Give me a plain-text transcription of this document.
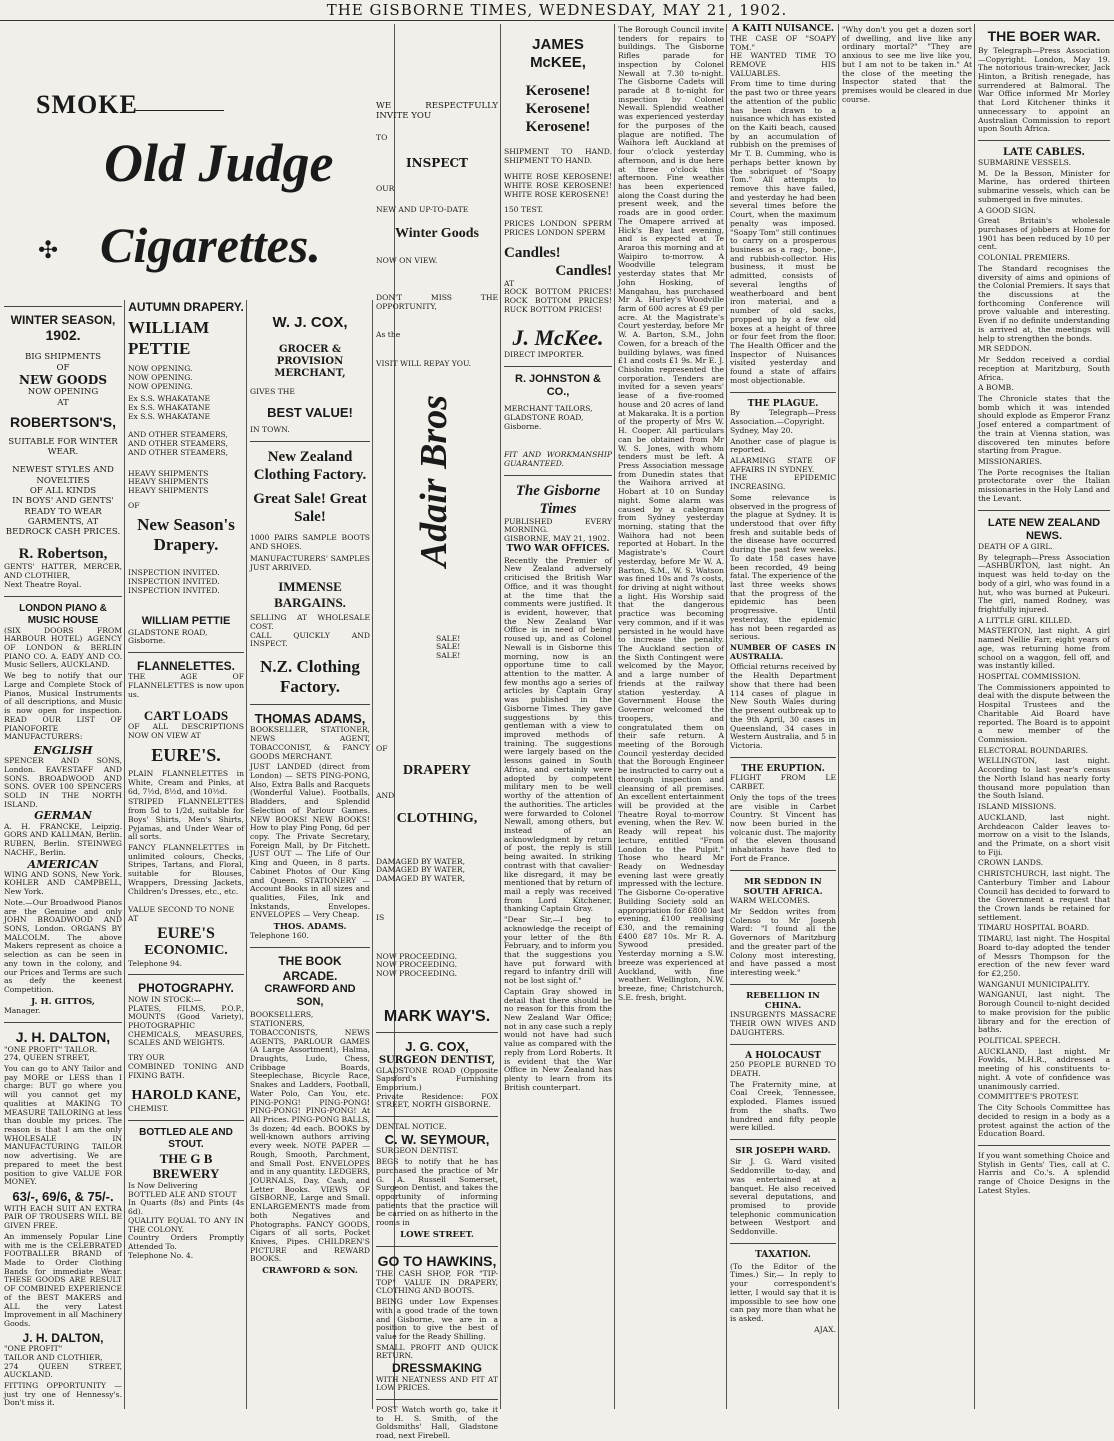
THE GISBORNE TIMES, WEDNESDAY, MAY 21, 1902.
SMOKE
Old Judge
Cigarettes.
✣
WINTER SEASON,
1902.
BIG SHIPMENTS
OF
NEW GOODS
NOW OPENING
AT
ROBERTSON'S,
SUITABLE FOR WINTER WEAR.
NEWEST STYLES AND NOVELTIES
OF ALL KINDS
IN BOYS' AND GENTS'
READY TO WEAR GARMENTS, AT
BEDROCK CASH PRICES.
R. Robertson,
GENTS' HATTER, MERCER, AND CLOTHIER,
Next Theatre Royal.
LONDON PIANO & MUSIC HOUSE
(SIX DOORS FROM HARBOUR HOTEL) AGENCY OF LONDON & BERLIN PIANO CO. A. EADY AND CO. Music Sellers, AUCKLAND.

We beg to notify that our Large and Complete Stock of Pianos, Musical Instruments of all descriptions, and Music is now open for inspection. READ OUR LIST OF PIANOFORTE MANUFACTURERS:

ENGLISH
SPENCER AND SONS, London. EAVESTAFF AND SONS. BROADWOOD AND SONS. OVER 100 SPENCERS SOLD IN THE NORTH ISLAND.
GERMAN
A. H. FRANCKE, Leipzig. GORS AND KALLMAN, Berlin. RUBEN, Berlin. STEINWEG NACHF., Berlin.
AMERICAN
WING AND SONS, New York. KOHLER AND CAMPBELL, New York.

Note.—Our Broadwood Pianos are the Genuine and only JOHN BROADWOOD AND SONS, London. ORGANS BY MALCOLM. The above Makers represent as choice a selection as can be seen in any town in the colony, and our Prices and Terms are such as defy the keenest Competition.

J. H. GITTOS,
Manager.
J. H. DALTON,
"ONE PROFIT" TAILOR.
274, QUEEN STREET,

You can go to ANY Tailor and pay MORE or LESS than I charge: BUT go where you will you cannot get my qualities at MAKING TO MEASURE TAILORING at less than double my prices. The reason is that I am the only WHOLESALE IN MANUFACTURING TAILOR now advertising. We are prepared to meet the best position to give VALUE FOR MONEY.

63/-, 69/6, & 75/-.
WITH EACH SUIT AN EXTRA PAIR OF TROUSERS WILL BE GIVEN FREE.

An immensely Popular Line with me is the CELEBRATED FOOTBALLER BRAND of Made to Order Clothing Bands for immediate Wear. THESE GOODS ARE RESULT OF COMBINED EXPERIENCE of the BEST MAKERS and ALL the very Latest Improvement in all Machinery Goods.

J. H. DALTON,
"ONE PROFIT"
TAILOR AND CLOTHIER,
274 QUEEN STREET, AUCKLAND.

FITTING OPPORTUNITY — just try one of Hennessy's. Don't miss it.

AUTUMN DRAPERY.
WILLIAM PETTIE
NOW OPENING.
NOW OPENING.
NOW OPENING.
Ex S.S. WHAKATANE
Ex S.S. WHAKATANE
Ex S.S. WHAKATANE
AND OTHER STEAMERS,
AND OTHER STEAMERS,
AND OTHER STEAMERS,
HEAVY SHIPMENTS
HEAVY SHIPMENTS
HEAVY SHIPMENTS
OF
New Season's Drapery.
INSPECTION INVITED.
INSPECTION INVITED.
INSPECTION INVITED.
WILLIAM PETTIE
GLADSTONE ROAD,
Gisborne.
FLANNELETTES.
THE AGE OF FLANNELETTES is now upon us.
CART LOADS
OF ALL DESCRIPTIONS NOW ON VIEW AT
EURE'S.

PLAIN FLANNELETTES in White, Cream and Pinks, at 6d, 7½d, 8½d, and 10½d.

STRIPED FLANNELETTES from 5d to 1/2d, suitable for Boys' Shirts, Men's Shirts, Pyjamas, and Under Wear of all sorts.

FANCY FLANNELETTES in unlimited colours, Checks, Stripes, Tartans, and Floral, suitable for Blouses, Wrappers, Dressing Jackets, Children's Dresses, etc., etc.

VALUE SECOND TO NONE
AT
EURE'S
ECONOMIC.
Telephone 94.
PHOTOGRAPHY.
NOW IN STOCK:—
PLATES, FILMS, P.O.P., MOUNTS (Good Variety), PHOTOGRAPHIC CHEMICALS, MEASURES, SCALES AND WEIGHTS.
TRY OUR
COMBINED TONING AND FIXING BATH.
HAROLD KANE,
CHEMIST.
BOTTLED ALE AND STOUT.
THE G B BREWERY
Is Now Delivering
BOTTLED ALE AND STOUT
In Quarts (8s) and Pints (4s 6d).
QUALITY EQUAL TO ANY IN THE COLONY.
Country Orders Promptly Attended To.
Telephone No. 4.
W. J. COX,
GROCER & PROVISION
MERCHANT,
GIVES THE
BEST VALUE!
IN TOWN.
New Zealand Clothing Factory.
Great Sale! Great Sale!
1000 PAIRS SAMPLE BOOTS AND SHOES.
MANUFACTURERS' SAMPLES JUST ARRIVED.
IMMENSE BARGAINS.
SELLING AT WHOLESALE COST.
CALL QUICKLY AND INSPECT.
N.Z. Clothing Factory.
THOMAS ADAMS,
BOOKSELLER, STATIONER, NEWS AGENT, TOBACCONIST, & FANCY GOODS MERCHANT.

JUST LANDED (direct from London) — SETS PING-PONG, Also, Extra Balls and Racquets (Wonderful Value). Footballs, Bladders, and Splendid Selection of Parlour Games. NEW BOOKS! NEW BOOKS! How to play Ping Pong, 6d per copy. The Private Secretary, Foreign Mall, by Dr Fitchett. JUST OUT — The Life of Our King and Queen, in 8 parts. Cabinet Photos of Our King and Queen. STATIONERY — Account Books in all sizes and qualities, Files, Ink and Inkstands, Envelopes. ENVELOPES — Very Cheap.

THOS. ADAMS.
Telephone 160.
THE BOOK ARCADE.
CRAWFORD AND SON,

BOOKSELLERS, STATIONERS, TOBACCONISTS, NEWS AGENTS, PARLOUR GAMES (A Large Assortment), Halma, Draughts, Ludo, Chess, Cribbage Boards, Steeplechase, Bicycle Race, Snakes and Ladders, Football, Water Polo, Can You, etc. PING-PONG! PING-PONG! PING-PONG! PING-PONG! At All Prices. PING-PONG BALLS, 3s dozen; 4d each. BOOKS by well-known authors arriving every week. NOTE PAPER — Rough, Smooth, Parchment, and Small Post. ENVELOPES and in any quantity. LEDGERS, JOURNALS, Day, Cash, and Letter Books. VIEWS OF GISBORNE, Large and Small. ENLARGEMENTS made from both Negatives and Photographs. FANCY GOODS, Cigars of all sorts, Pocket Knives, Pipes. CHILDREN'S PICTURE and REWARD BOOKS.

CRAWFORD & SON.
WE RESPECTFULLY INVITE YOU
TO
INSPECT
OUR
NEW AND UP-TO-DATE
Winter Goods
NOW ON VIEW.
DON'T MISS THE OPPORTUNITY,
As the
VISIT WILL REPAY YOU.
Adair Bros
SALE! SALE! SALE!
OF
DRAPERY
AND
CLOTHING,
DAMAGED BY WATER,
DAMAGED BY WATER,
DAMAGED BY WATER,
IS
NOW PROCEEDING.
NOW PROCEEDING.
NOW PROCEEDING.
MARK WAY'S.
J. G. COX,
SURGEON DENTIST,
GLADSTONE ROAD (Opposite Sapsford's Furnishing Emporium.)
Private Residence: FOX STREET, NORTH GISBORNE.
DENTAL NOTICE.
C. W. SEYMOUR,
SURGEON DENTIST.

BEGS to notify that he has purchased the practice of Mr G. A. Russell Somerset, Surgeon Dentist, and takes the opportunity of informing patients that the practice will be carried on as hitherto in the rooms in

LOWE STREET.
GO TO HAWKINS,
THE CASH SHOP, FOR "TIP-TOP" VALUE IN DRAPERY, CLOTHING AND BOOTS.

BEING under Low Expenses with a good trade of the town and Gisborne, we are in a position to give the best of value for the Ready Shilling.

SMALL PROFIT AND QUICK RETURN.
DRESSMAKING
WITH NEATNESS AND FIT AT LOW PRICES.

POST Watch worth go, take it to H. S. Smith, of the Goldsmiths' Hall, Gladstone road, next Firebell.

JAMES McKEE,
Kerosene!
Kerosene!
Kerosene!
SHIPMENT TO HAND. SHIPMENT TO HAND.
WHITE ROSE KEROSENE! WHITE ROSE KEROSENE! WHITE ROSE KEROSENE!
150 TEST.
PRICES LONDON SPERM PRICES LONDON SPERM
Candles!
Candles!
AT
ROCK BOTTOM PRICES! ROCK BOTTOM PRICES! RUCK BOTTOM PRICES!
J. McKee.
DIRECT IMPORTER.
R. JOHNSTON & CO.,
MERCHANT TAILORS,
GLADSTONE ROAD,
Gisborne.
FIT AND WORKMANSHIP GUARANTEED.
The Gisborne Times
PUBLISHED EVERY MORNING.
GISBORNE, MAY 21, 1902.
TWO WAR OFFICES.

Recently the Premier of New Zealand adversely criticised the British War Office, and it was thought at the time that the comments were justified. It is evident, however, that the New Zealand War Office is in need of being roused up, and as Colonel Newall is in Gisborne this morning, now is an opportune time to call attention to the matter. A few months ago a series of articles by Captain Gray was published in the Gisborne Times. They gave suggestions by this gentleman with a view to improved methods of training. The suggestions were largely based on the lessons gained in South Africa, and certainly were adopted by competent military men to be well worthy of the attention of the authorities. The articles were forwarded to Colonel Newall, among others, but instead of an acknowledgment by return of post, the reply is still being awaited. In striking contrast with that cavalier-like disregard, it may be mentioned that by return of mail a reply was received from Lord Kitchener, thanking Captain Gray.

"Dear Sir,—I beg to acknowledge the receipt of your letter of the 8th February, and to inform you that the suggestions you have put forward with regard to infantry drill will not be lost sight of."

Captain Gray showed in detail that there should be no reason for this from the New Zealand War Office; not in any case such a reply would not have had such value as compared with the reply from Lord Roberts. It is evident that the War Office in New Zealand has plenty to learn from its British counterpart.

The Borough Council invite tenders for repairs to buildings. The Gisborne Rifles parade for inspection by Colonel Newall at 7.30 to-night. The Gisborne Cadets will parade at 8 to-night for inspection by Colonel Newall. Splendid weather was experienced yesterday for the purposes of the plague are notified. The Waihora left Auckland at four o'clock yesterday afternoon, and is due here at three o'clock this afternoon. Fine weather has been experienced along the Coast during the present week, and the roads are in good order. The Omapere arrived at Hick's Bay last evening, and is expected at Te Araroa this morning and at Waipiro to-morrow. A Woodville telegram yesterday states that Mr John Hosking, of Mangahau, has purchased Mr A. Hurley's Woodville farm of 600 acres at £9 per acre. At the Magistrate's Court yesterday, before Mr W. A. Barton, S.M., John Cowen, for a breach of the building bylaws, was fined £1 and costs £1 9s. Mr E. J. Chisholm represented the corporation. Tenders are invited for a seven years' lease of a five-roomed house and 20 acres of land at Makaraka. It is a portion of the property of Mrs W. H. Cooper. All particulars can be obtained from Mr W. S. Jones, with whom tenders must be left. A Press Association message from Dunedin states that the Waihora arrived at Hobart at 10 on Sunday night. Some alarm was caused by a cablegram from Sydney yesterday morning, stating that the Waihora had not been reported at Hobart. In the Magistrate's Court yesterday, before Mr W. A. Barton, S.M., W. S. Watson was fined 10s and 7s costs, for driving at night without a light. His Worship said that the dangerous practice was becoming very common, and if it was persisted in he would have to increase the penalty. The Auckland section of the Sixth Contingent were welcomed by the Mayor, and a large number of friends at the railway station yesterday. A Government House the Governor welcomed the troopers, and congratulated them on their safe return. A meeting of the Borough Council yesterday decided that the Borough Engineer be instructed to carry out a thorough inspection and cleansing of all premises. An excellent entertainment will be provided at the Theatre Royal to-morrow evening, when the Rev. W. Ready will repeat his lecture, entitled "From London to the Pulpit." Those who heard Mr Ready on Wednesday evening last were greatly impressed with the lecture. The Gisborne Co-operative Building Society sold an appropriation for £800 last evening, £100 realising £30, and the remaining £400 £87 10s. Mr R. A. Sywood presided. Yesterday morning a S.W. breeze was experienced at Auckland, with fine weather. Wellington, N.W. breeze, fine; Christchurch, S.E. fresh, bright.

A KAITI NUISANCE.
THE CASE OF "SOAPY TOM."
HE WANTED TIME TO REMOVE HIS VALUABLES.

From time to time during the past two or three years the attention of the public has been drawn to a nuisance which has existed on the Kaiti beach, caused by an accumulation of rubbish on the premises of Mr T. B. Cumming, who is perhaps better known by the sobriquet of "Soapy Tom." All attempts to remove this have failed, and yesterday he had been several times before the Court, when the maximum penalty was imposed. "Soapy Tom" still continues to carry on a prosperous business as a rag-, bone-, and rubbish-collector. His business, it must be admitted, consists of several lengths of weatherboard and bent iron material, and a number of old sacks, propped up by a few old boxes at a height of three or four feet from the floor. The Health Officer and the Inspector of Nuisances visited yesterday and found a state of affairs most objectionable.

THE PLAGUE.
By Telegraph—Press Association.—Copyright.
Sydney, May 20.

Another case of plague is reported.

ALARMING STATE OF AFFAIRS IN SYDNEY.
THE EPIDEMIC INCREASING.

Some relevance is observed in the progress of the plague at Sydney. It is understood that over fifty fresh and suitable beds of the disease have occurred during the past few weeks. To date 158 cases have been recorded, 49 being fatal. The experience of the last three weeks shows that the progress of the epidemic has been progressive. Until yesterday, the epidemic has not been regarded as serious.

NUMBER OF CASES IN AUSTRALIA.

Official returns received by the Health Department show that there had been 114 cases of plague in New South Wales during the present outbreak up to the 9th April, 30 cases in Queensland, 34 cases in Western Australia, and 5 in Victoria.

THE ERUPTION.
FLIGHT FROM LE CARBET.

Only the tops of the trees are visible in Carbet Country. St Vincent has now been buried in the volcanic dust. The majority of the eleven thousand inhabitants have fled to Fort de France.

MR SEDDON IN SOUTH AFRICA.
WARM WELCOMES.

Mr Seddon writes from Colenso to Mr Joseph Ward: "I found all the Governors of Maritzburg and the greater part of the Colony most interesting, and have passed a most interesting week."

REBELLION IN CHINA.
INSURGENTS MASSACRE THEIR OWN WIVES AND DAUGHTERS.
A HOLOCAUST
250 PEOPLE BURNED TO DEATH.

The Fraternity mine, at Coal Creek, Tennessee, exploded. Flames issued from the shafts. Two hundred and fifty people were killed.

SIR JOSEPH WARD.

Sir J. G. Ward visited Seddonville to-day, and was entertained at a banquet. He also received several deputations, and promised to provide telephonic communication between Westport and Seddonville.

TAXATION.

(To the Editor of the Times.) Sir,— In reply to your correspondent's letter, I would say that it is impossible to see how one can pay more than what he is asked.

AJAX.

"Why don't you get a dozen sort of dwelling, and live like any ordinary mortal?" "They are anxious to see me live like you, but I am not to be taken in." At the close of the meeting the Inspector stated that the premises would be cleared in due course.

THE BOER WAR.

By Telegraph—Press Association—Copyright. London, May 19. The notorious train-wrecker, Jack Hinton, a British renegade, has surrendered at Balmoral. The War Office informed Mr Morley that Lord Kitchener thinks it unnecessary to appoint an Australian Commission to report upon South Africa.

LATE CABLES.
SUBMARINE VESSELS.

M. De la Besson, Minister for Marine, has ordered thirteen submarine vessels, which can be submerged in five minutes.

A GOOD SIGN.

Great Britain's wholesale purchases of jobbers at Home for 1901 has been reduced by 10 per cent.

COLONIAL PREMIERS.

The Standard recognises the diversity of aims and opinions of the Colonial Premiers. It says that the discussions at the forthcoming Conference will prove valuable and interesting. Even if no definite understanding is arrived at, the meetings will help to strengthen the bonds.

MR SEDDON.

Mr Seddon received a cordial reception at Maritzburg, South Africa.

A BOMB.

The Chronicle states that the bomb which it was intended should explode as Emperor Franz Josef entered a compartment of the train at Vienna station, was discovered ten minutes before starting from Prague.

MISSIONARIES.

The Porte recognises the Italian protectorate over the Italian missionaries in the Holy Land and the Levant.

LATE NEW ZEALAND NEWS.
DEATH OF A GIRL.

By telegraph—Press Association—ASHBURTON, last night. An inquest was held to-day on the body of a girl, who was found in a hut, who was burned at Pukeuri. The girl, named Rodney, was frightfully injured.

A LITTLE GIRL KILLED.

MASTERTON, last night. A girl named Nellie Farr, eight years of age, was returning home from school on a waggon, fell off, and was instantly killed.

HOSPITAL COMMISSION.

The Commissioners appointed to deal with the dispute between the Hospital Trustees and the Charitable Aid Board have reported. The Board is to appoint a new member of the Commission.

ELECTORAL BOUNDARIES.

WELLINGTON, last night. According to last year's census the North Island has nearly forty thousand more population than the South Island.

ISLAND MISSIONS.

AUCKLAND, last night. Archdeacon Calder leaves to-morrow on a visit to the Islands, and the Primate, on a short visit to Fiji.

CROWN LANDS.

CHRISTCHURCH, last night. The Canterbury Timber and Labour Council has decided to forward to the Government a request that the Crown lands be retained for settlement.

TIMARU HOSPITAL BOARD.

TIMARU, last night. The Hospital Board to-day adopted the tender of Messrs Thompson for the erection of the new fever ward for £2,250.

WANGANUI MUNICIPALITY.

WANGANUI, last night. The Borough Council to-night decided to make provision for the public library and for the erection of baths.

POLITICAL SPEECH.

AUCKLAND, last night. Mr Fowlds, M.H.R., addressed a meeting of his constituents to-night. A vote of confidence was unanimously carried.

COMMITTEE'S PROTEST.

The City Schools Committee has decided to resign in a body as a protest against the action of the Education Board.

If you want something Choice and Stylish in Gents' Ties, call at C. Harris and Co.'s. A splendid range of Choice Designs in the Latest Styles.
